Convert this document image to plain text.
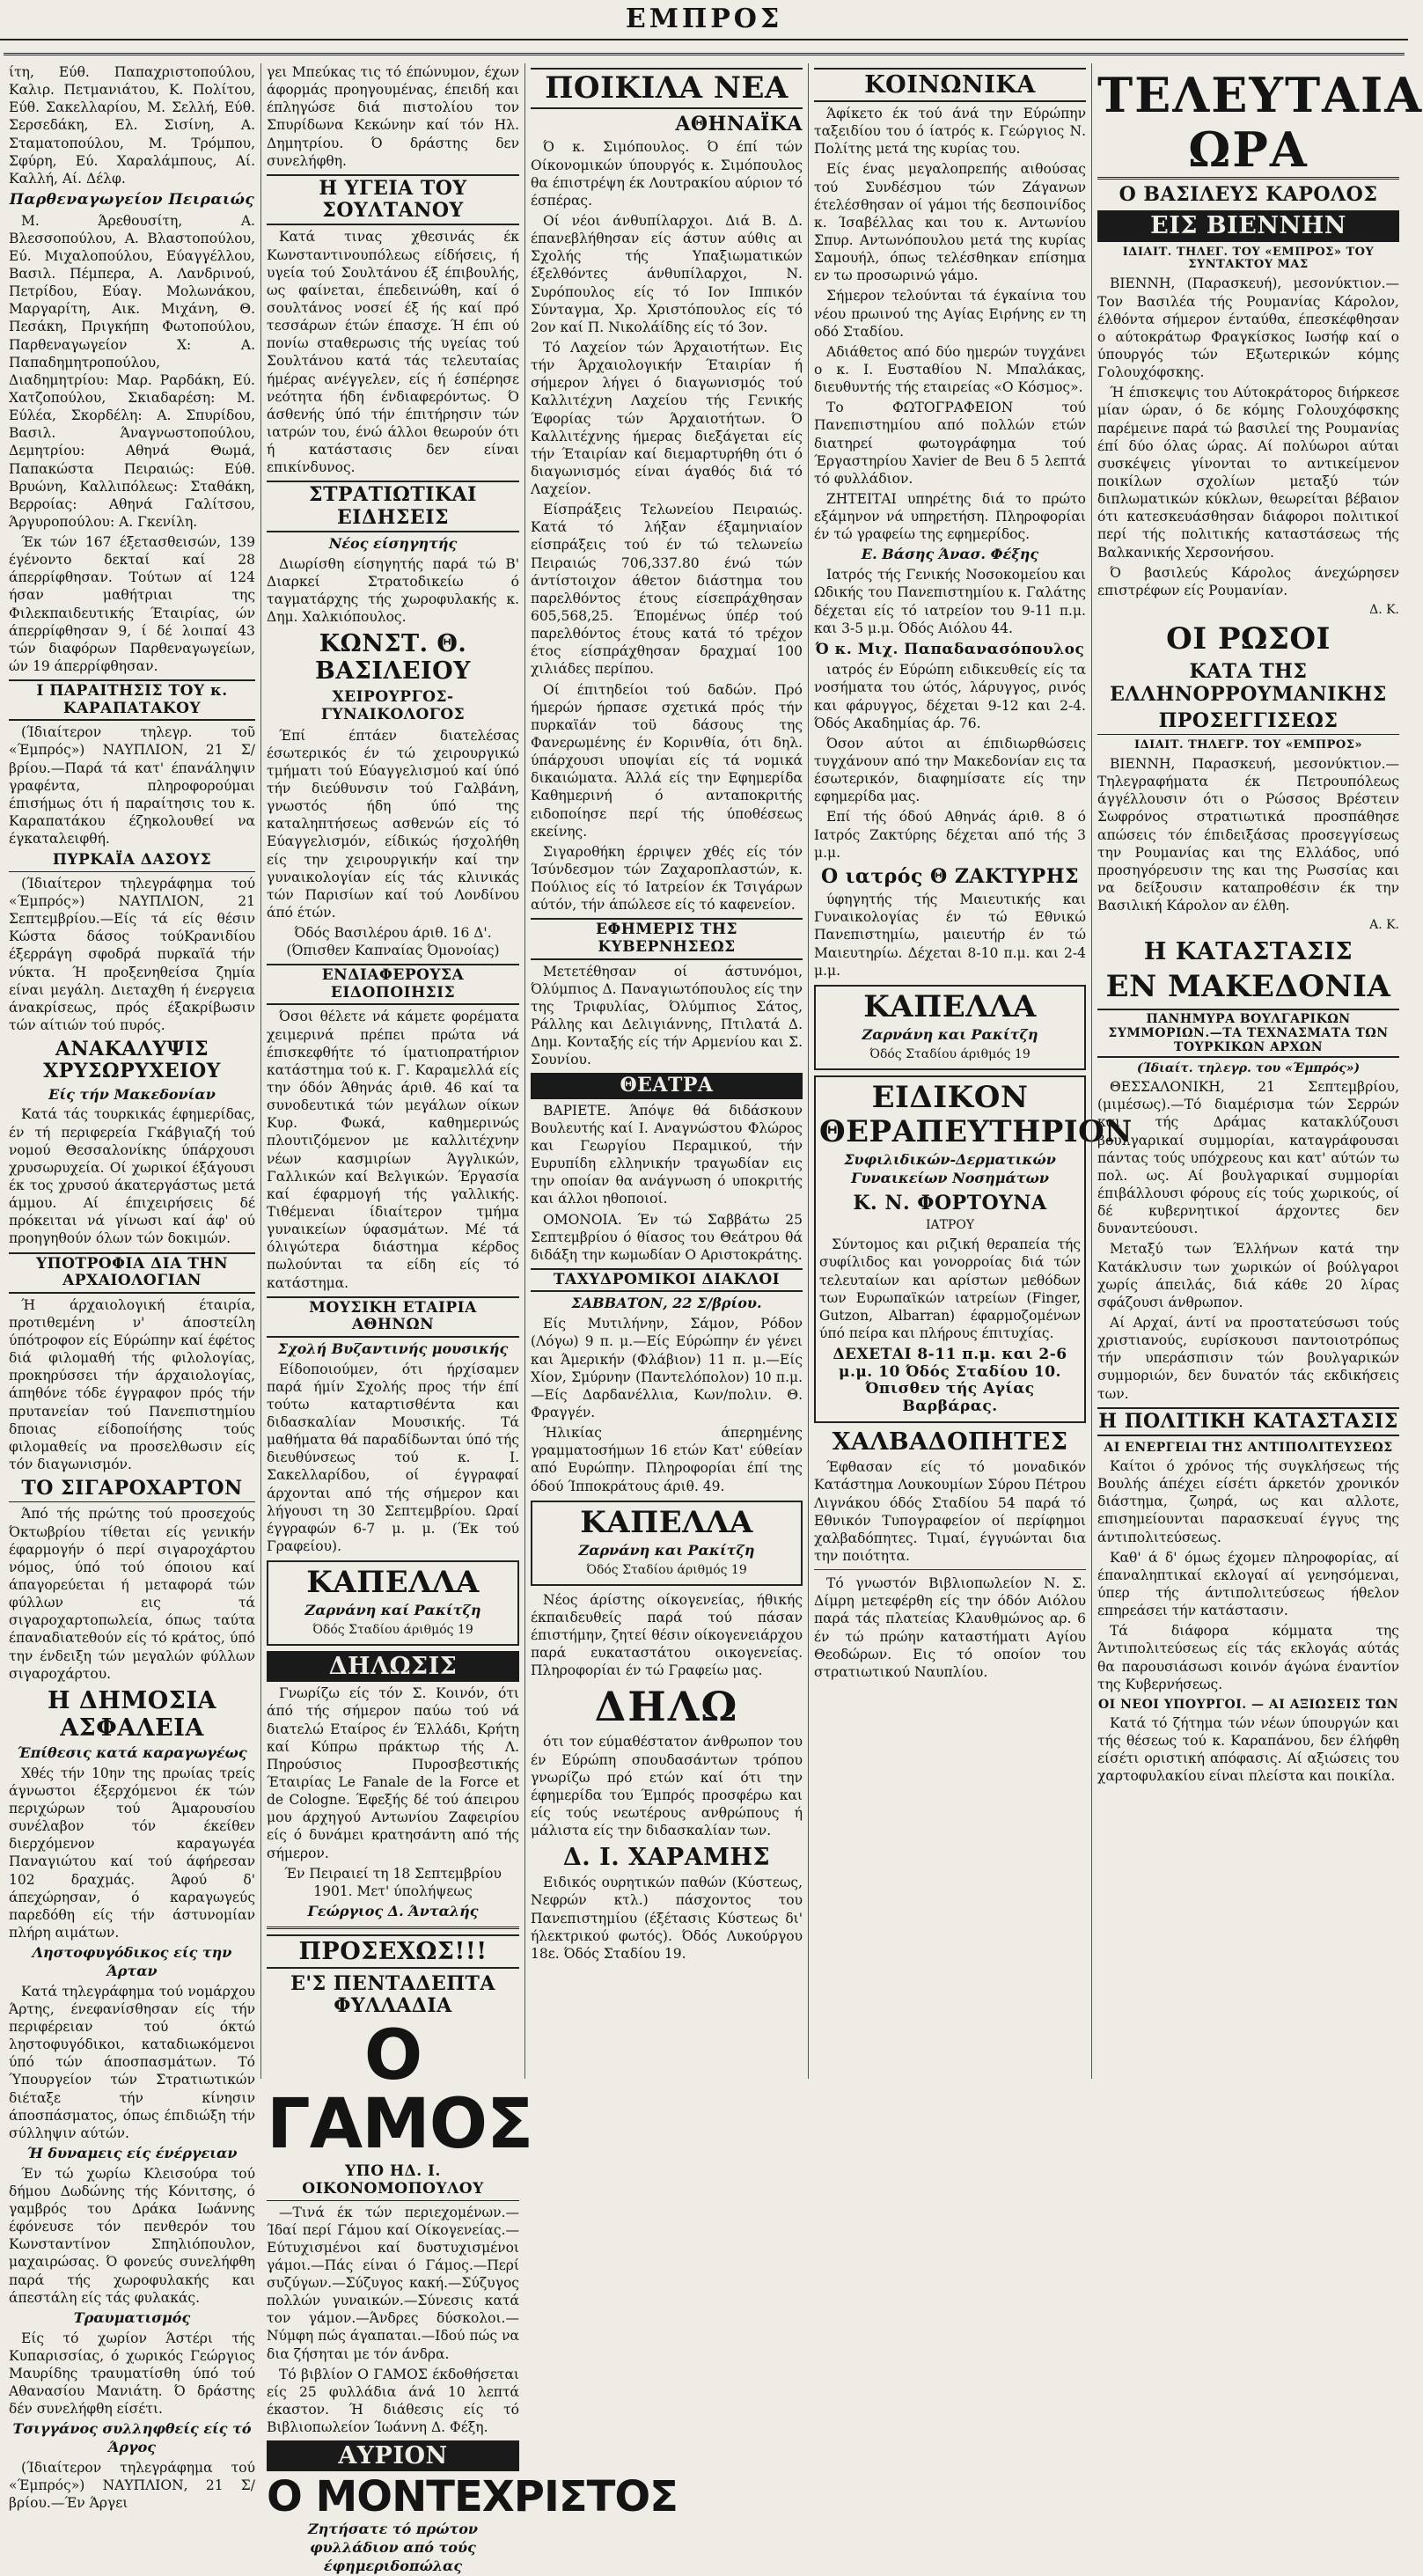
ΕΜΠΡΟΣ

ίτη, Εύθ. Παπαχριστοπούλου, Καλιρ. Πετμανιάτου, Κ. Πολίτου, Εύθ. Σακελλαρίου, Μ. Σελλή, Εύθ. Σερσεδάκη, Ελ. Σισίνη, Α. Σταματοπούλου, Μ. Τρόμπου, Σφύρη, Εύ. Χαραλάμπους, Αί. Καλλή, Αί. Δέλφ.

Παρθεναγωγείον Πειραιώς

Μ. Άρεθουσίτη, Α. Βλεσσοπούλου, Α. Βλαστοπούλου, Εύ. Μιχαλοπούλου, Εύαγγέλλου, Βασιλ. Πέμπερα, Α. Λανδρινού, Πετρίδου, Εύαγ. Μολωνάκου, Μαργαρίτη, Αικ. Μιχάνη, Θ. Πεσάκη, Πριγκήπη Φωτοπούλου, Παρθεναγωγείον Χ: Α. Παπαδημητροπούλου, Διαδημητρίου: Μαρ. Ραρδάκη, Εύ. Χατζοπούλου, Σκιαδαρέση: Μ. Εύλέα, Σκορδέλη: Α. Σπυρίδου, Βασιλ. Άναγνωστοπούλου, Δεμητρίου: Αθηνά Θωμά, Παπακώστα Πειραιώς: Εύθ. Βρυώνη, Καλλιπόλεως: Σταθάκη, Βερροίας: Αθηνά Γαλίτσου, Άργυροπούλου: Α. Γκενίλη.

Έκ τών 167 έξετασθεισών, 139 έγένοντο δεκταί καί 28 άπερρίφθησαν. Τούτων αί 124 ήσαν μαθήτριαι της Φιλεκπαιδευτικής Έταιρίας, ών άπερρίφθησαν 9, ί δέ λοιπαί 43 τών διαφόρων Παρθεναγωγείων, ών 19 άπερρίφθησαν.

Ι ΠΑΡΑΙΤΗΣΙΣ ΤΟΥ κ. ΚΑΡΑΠΑΤΑΚΟΥ

(Ίδιαίτερον τηλεγρ. τοῦ «Έμπρός») ΝΑΥΠΛΙΟΝ, 21 Σ/βρίου.—Παρά τά κατ' έπανάληψιν γραφέντα, πληροφορούμαι έπισήμως ότι ή παραίτησις του κ. Καραπατάκου έζηκολουθεί να έγκαταλειφθή.

ΠΥΡΚΑΪΑ ΔΑΣΟΥΣ

(Ίδιαίτερον τηλεγράφημα τού «Έμπρός») ΝΑΥΠΛΙΟΝ, 21 Σεπτεμβρίου.—Είς τά είς θέσιν Κώστα δάσος τούΚρανιδίου έξερράγη σφοδρά πυρκαϊά τήν νύκτα. Ή προξενηθείσα ζημία είναι μεγάλη. Διεταχθη ή ένεργεια άνακρίσεως, πρός έξακρίβωσιν τών αίτιών τού πυρός.

ΑΝΑΚΑΛΥΨΙΣ ΧΡΥΣΩΡΥΧΕΙΟΥ
Είς τήν Μακεδονίαν

Κατά τάς τουρκικάς έφημερίδας, έν τή περιφερεία Γκάβγιαζή τού νομού Θεσσαλονίκης ύπάρχουσι χρυσωρυχεία. Οί χωρικοί έξάγουσι έκ τος χρυσού άκατεργάστως μετά άμμου. Αί έπιχειρήσεις δέ πρόκειται νά γίνωσι καί άφ' ού προηγηθούν όλων τών δοκιμών.

ΥΠΟΤΡΟΦΙΑ ΔΙΑ ΤΗΝ ΑΡΧΑΙΟΛΟΓΙΑΝ

Ή άρχαιολογική έταιρία, προτιθεμένη ν' άποστείλη ύπότροφον είς Εύρώπην καί έφέτος διά φιλομαθή τής φιλολογίας, προκηρύσσει τήν άρχαιολογίας, άπηθόνε τόδε έγγραφον πρός τήν πρυτανείαν τού Πανεπιστημίου δποιας είδοποίήσης τούς φιλομαθείς να προσελθωσιν είς τόν διαγωνισμόν.

ΤΟ ΣΙΓΑΡΟΧΑΡΤΟΝ

Άπό τής πρώτης τού προσεχούς Όκτωβρίου τίθεται είς γενικήν έφαρμογήν ό περί σιγαροχάρτου νόμος, ύπό τού όποιου καί άπαγορεύεται ή μεταφορά τών φύλλων εις τά σιγαροχαρτοπωλεία, όπως ταύτα έπαναδιατεθούν είς τό κράτος, ύπό την ένδειξη τών μεγαλών φύλλων σιγαροχάρτου.

Η ΔΗΜΟΣΙΑ ΑΣΦΑΛΕΙΑ
Έπίθεσις κατά καραγωγέως

Χθές τήν 10ην της πρωίας τρείς άγνωστοι έξερχόμενοι έκ τών περιχώρων τού Άμαρουσίου συνέλαβον τόν έκείθεν διερχόμενον καραγωγέα Παναγιώτου καί τού άφήρεσαν 102 δραχμάς. Άφού δ' άπεχώρησαν, ό καραγωγεύς παρεδόθη είς τήν άστυνομίαν πλήρη αιμάτων.

Ληστοφυγόδικος είς την Άρταν

Κατά τηλεγράφημα τού νομάρχου Άρτης, ένεφανίσθησαν είς τήν περιφέρειαν τού όκτώ ληστοφυγόδικοι, καταδιωκόμενοι ύπό τών άποσπασμάτων. Τό Ύπουργείον τών Στρατιωτικών διέταξε τήν κίνησιν άποσπάσματος, όπως έπιδιώξη τήν σύλληψιν αύτών.

Ή δυναμεις είς ένέργειαν

Έν τώ χωρίω Κλεισούρα τού δήμου Δωδώνης τής Κόνιτσης, ό γαμβρός του Δράκα Ιωάννης έφόνευσε τόν πενθερόν του Κωνσταντίνον Σπηλιόπουλον, μαχαιρώσας. Ό φονεύς συνελήφθη παρά τής χωροφυλακής και άπεστάλη είς τάς φυλακάς.

Τραυματισμός

Είς τό χωρίον Άστέρι τής Κυπαρισσίας, ό χωρικός Γεώργιος Μαυρίδης τραυματίσθη ύπό τού Αθανασίου Μανιάτη. Ό δράστης δέν συνελήφθη είσέτι.

Τσιγγάνος συλληφθείς είς τό Άργος

(Ίδιαίτερον τηλεγράφημα τού «Έμπρός») ΝΑΥΠΛΙΟΝ, 21 Σ/βρίου.—Έν Άργει

γει Μπεύκας τις τό έπώνυμον, έχων άφορμάς προηγουμένας, έπειδή και έπληγώσε διά πιστολίου τον Σπυρίδωνα Κεκώνην καί τόν Ηλ. Δημητρίου. Ό δράστης δεν συνελήφθη.

Η ΥΓΕΙΑ ΤΟΥ ΣΟΥΛΤΑΝΟΥ

Κατά τινας χθεσινάς έκ Κωνσταντινουπόλεως είδήσεις, ή υγεία τού Σουλτάνου έξ έπιβουλής, ως φαίνεται, έπεδεινώθη, καί ό σουλτάνος νοσεί έξ ής καί πρό τεσσάρων έτών έπασχε. Ή έπι ού πονίω σταθερωσις τής υγείας τού Σουλτάνου κατά τάς τελευταίας ήμέρας ανέγγελεν, είς ή έσπέρησε νεότητα ήδη ένδιαφερόντως. Ό άσθενής ύπό τήν έπιτήρησιν τών ιατρών του, ένώ άλλοι θεωρούν ότι ή κατάστασις δεν είναι επικίνδυνος.

ΣΤΡΑΤΙΩΤΙΚΑΙ ΕΙΔΗΣΕΙΣ
Νέος είσηγητής

Διωρίσθη είσηγητής παρά τώ Β' Διαρκεί Στρατοδικείω ό ταγματάρχης τής χωροφυλακής κ. Δημ. Χαλκιόπουλος.

ΚΩΝΣΤ. Θ. ΒΑΣΙΛΕΙΟΥ
ΧΕΙΡΟΥΡΓΟΣ-ΓΥΝΑΙΚΟΛΟΓΟΣ

Έπί έπτάεν διατελέσας έσωτερικός έν τώ χειρουργικώ τμήματι τού Εύαγγελισμού καί ύπό τήν διεύθυνσιν τού Γαλβάνη, γνωστός ήδη ύπό της καταληπτήσεως ασθενών είς τό Εύαγγελισμόν, είδικώς ήσχολήθη είς την χειρουργικήν καί την γυναικολογίαν είς τάς κλινικάς τών Παρισίων καί τού Λονδίνου άπό έτών.

Όδός Βασιλέρου άριθ. 16 Δ'. (Όπισθεν Καπναίας Όμονοίας)

ΕΝΔΙΑΦΕΡΟΥΣΑ ΕΙΔΟΠΟΙΗΣΙΣ

Όσοι θέλετε νά κάμετε φορέματα χειμερινά πρέπει πρώτα νά έπισκεφθήτε τό ίματιοπρατήριον κατάστημα τού κ. Γ. Καραμελλά είς την όδόν Άθηνάς άριθ. 46 καί τα συνοδευτικά τών μεγάλων οίκων Κυρ. Φωκά, καθημερινώς πλουτιζόμενον με καλλιτέχνην νέων κασμιρίων Άγγλικών, Γαλλικών καί Βελγικών. Έργασία καί έφαρμογή τής γαλλικής. Τιθέμεναι ίδιαίτερον τμήμα γυναικείων ύφασμάτων. Μέ τά όλιγώτερα διάστημα κέρδος πωλούνται τα είδη είς τό κατάστημα.

ΜΟΥΣΙΚΗ ΕΤΑΙΡΙΑ ΑΘΗΝΩΝ
Σχολή Βυζαντινής μουσικής

Είδοποιούμεν, ότι ήρχίσαμεν παρά ήμίν Σχολής προς τήν έπί τούτω καταρτισθέντα και διδασκαλίαν Μουσικής. Τά μαθήματα θά παραδίδωνται ύπό τής διευθύνσεως τού κ. Ι. Σακελλαρίδου, οί έγγραφαί άρχονται από τής σήμερον και λήγουσι τη 30 Σεπτεμβρίου. Ωραί έγγραφών 6-7 μ. μ. (Έκ τού Γραφείου).

ΚΑΠΕΛΛΑ
Ζαρνάνη καί Ρακίτζη
Όδός Σταδίου άριθμός 19
ΔΗΛΩΣΙΣ

Γνωρίζω είς τόν Σ. Κοινόν, ότι άπό τής σήμερον παύω τού νά διατελώ Εταίρος έν Έλλάδι, Κρήτη καί Κύπρω πράκτωρ τής Λ. Πηρούσιος Πυροσβεστικής Έταιρίας Le Fanale de la Force et de Cologne. Έφεξής δέ τού άπειρου μου άρχηγού Αντωνίου Ζαφειρίου είς ό δυνάμει κρατησάντη από τής σήμερον.

Έν Πειραιεί τη 18 Σεπτεμβρίου 1901. Μετ' ύπολήψεως

Γεώργιος Δ. Άνταλής
ΠΡΟΣΕΧΩΣ!!!
Ε'Σ ΠΕΝΤΑΔΕΠΤΑ ΦΥΛΛΑΔΙΑ
Ο ΓΑΜΟΣ
ΥΠΟ ΗΔ. Ι. ΟΙΚΟΝΟΜΟΠΟΥΛΟΥ

—Τινά έκ τών περιεχομένων.—Ίδαί περί Γάμου καί Οίκογενείας.—Εύτυχισμένοι καί δυστυχισμένοι γάμοι.—Πάς είναι ό Γάμος.—Περί συζύγων.—Σύζυγος κακή.—Σύζυγος πολλών γυναικών.—Σύνεσις κατά τον γάμον.—Άνδρες δύσκολοι.—Νύμφη πώς άγαπαται.—Ιδού πώς να δια ζήσηται με τόν άνδρα.

Τό βιβλίον Ο ΓΑΜΟΣ έκδοθήσεται είς 25 φυλλάδια άνά 10 λεπτά έκαστον. Ή διάθεσις είς τό Βιβλιοπωλείον Ίωάννη Δ. Φέξη.

ΑΥΡΙΟΝ
Ο ΜΟΝΤΕΧΡΙΣΤΟΣ
Ζητήσατε τό πρώτον φυλλάδιον από τούς έφημεριδοπώλας
ΠΟΙΚΙΛΑ ΝΕΑ
ΑΘΗΝΑΪΚΑ

Ό κ. Σιμόπουλος. Ό έπί τών Οίκονομικών ύπουργός κ. Σιμόπουλος θα έπιστρέψη έκ Λουτρακίου αύριον τό έσπέρας.

Οί νέοι άνθυπίλαρχοι. Διά Β. Δ. έπανεβλήθησαν είς άστυν αύθις αι Σχολής τής Υπαξιωματικών έξελθόντες άνθυπίλαρχοι, Ν. Συρόπουλος είς τό Ιον Ιππικόν Σύνταγμα, Χρ. Χριστόπουλος είς τό 2ον καί Π. Νικολάίδης είς τό 3ον.

Τό Λαχείον τών Άρχαιοτήτων. Εις τήν Άρχαιολογικήν Έταιρίαν ή σήμερον λήγει ό διαγωνισμός τού Καλλιτέχνη Λαχείου τής Γενικής Έφορίας τών Άρχαιοτήτων. Ό Καλλιτέχνης ήμερας διεξάγεται είς τήν Έταιρίαν καί διεμαρτυρήθη ότι ό διαγωνισμός είναι άγαθός διά τό Λαχείον.

Είσπράξεις Τελωνείου Πειραιώς. Κατά τό λήξαν έξαμηνιαίον είσπράξεις τού έν τώ τελωνείω Πειραιώς 706,337.80 ένώ τών άντίστοιχον άθετον διάστημα του παρελθόντος έτους είσεπράχθησαν 605,568,25. Έπομένως ύπέρ τού παρελθόντος έτους κατά τό τρέχον έτος είσπράχθησαν δραχμαί 100 χιλιάδες περίπου.

Οί έπιτηδείοι τού δαδών. Πρό ήμερών ήρπασε σχετικά πρός τήν πυρκαϊάν τοϋ δάσους της Φανερωμένης έν Κορινθία, ότι δηλ. ύπάρχουσι υποψίαι είς τά νομικά δικαιώματα. Άλλά είς την Εφημερίδα Καθημερινή ό ανταποκριτής ειδοποίησε περί τής ύποθέσεως εκείνης.

Σιγαροθήκη έρριψεν χθές είς τόν Ίσύνδεσμον τών Ζαχαροπλαστών, κ. Πούλιος είς τό Ιατρείον έκ Τσιγάρων αύτόν, τήν άπώλεσε είς τό καφενείον.

ΕΦΗΜΕΡΙΣ ΤΗΣ ΚΥΒΕΡΝΗΣΕΩΣ

Μετετέθησαν οί άστυνόμοι, Όλύμπιος Δ. Παναγιωτόπουλος είς την της Τριφυλίας, Όλύμπιος Σάτος, Ράλλης και Δελιγιάννης, Πτιλατά Δ. Δημ. Κονταξής είς τήν Αρμενίου και Σ. Σουνίου.

ΘΕΑΤΡΑ

ΒΑΡΙΕΤΕ. Άπόψε θά διδάσκουν Βουλευτής καί Ι. Αναγνώστου Φλώρος και Γεωργίου Περαμικού, τήν Ευρυπίδη ελληνικήν τραγωδίαν εις την οποίαν θα ανάγνωση ό υποκριτής και άλλοι ηθοποιοί.

ΟΜΟΝΟΙΑ. Έν τώ Σαββάτω 25 Σεπτεμβρίου ό θίασος του Θεάτρου θά διδάξη την κωμωδίαν Ο Αριστοκράτης.

ΤΑΧΥΔΡΟΜΙΚΟΙ ΔΙΑΚΛΟΙ
ΣΑΒΒΑΤΟΝ, 22 Σ/βρίου.

Είς Μυτιλήνην, Σάμον, Ρόδον (Λόγω) 9 π. μ.—Είς Εύρώπην έν γένει και Άμερικήν (Φλάβιον) 11 π. μ.—Είς Χίον, Σμύρνην (Παντελόπολον) 10 π.μ.—Είς Δαρδανέλλια, Κων/πολιν. Θ. Φραγγέν.

Ήλικίας άπερημένης γραμματοσήμων 16 ετών Κατ' εύθείαν από Ευρώπην. Πληροφορίαι έπί της όδού Ίπποκράτους άριθ. 49.

ΚΑΠΕΛΛΑ
Ζαρνάνη και Ρακίτζη
Όδός Σταδίου άριθμός 19

Νέος άρίστης οίκογενείας, ήθικής έκπαιδευθείς παρά τού πάσαν έπιστήμην, ζητεί θέσιν οίκογενειάρχου παρά ευκαταστάτου οικογενείας. Πληροφορίαι έν τώ Γραφείω μας.

ΔΗΛΩ

ότι τον εύμαθέστατον άνθρωπον του έν Εύρώπη σπουδασάντων τρόπου γνωρίζω πρό ετών καί ότι την έφημερίδα του Έμπρός προσφέρω και είς τούς νεωτέρους ανθρώπους ή μάλιστα είς την διδασκαλίαν των.

Δ. Ι. ΧΑΡΑΜΗΣ

Ειδικός ουρητικών παθών (Κύστεως, Νεφρών κτλ.) πάσχοντος του Πανεπιστημίου (έξέτασις Κύστεως δι' ήλεκτρικού φωτός). Όδός Λυκούργου 18ε. Όδός Σταδίου 19.

ΚΟΙΝΩΝΙΚΑ

Άφίκετο έκ τού άνά την Εύρώπην ταξειδίου του ό ίατρός κ. Γεώργιος Ν. Πολίτης μετά της κυρίας του.

Είς ένας μεγαλοπρεπής αιθούσας τού Συνδέσμου τών Ζάγανων έτελέσθησαν οί γάμοι τής δεσποινίδος κ. Ίσαβέλλας και του κ. Αντωνίου Σπυρ. Αντωνόπουλου μετά της κυρίας Σαμουήλ, όπως τελέσθηκαν επίσημα εν τω προσωρινώ γάμο.

Σήμερον τελούνται τά έγκαίνια του νέου πρωινού της Αγίας Ειρήνης εν τη οδό Σταδίου.

Αδιάθετος από δύο ημερών τυγχάνει ο κ. Ι. Ευσταθίου Ν. Μπαλάκας, διευθυντής τής εταιρείας «Ο Κόσμος».

Το ΦΩΤΟΓΡΑΦΕΙΟΝ τού Πανεπιστημίου από πολλών ετών διατηρεί φωτογράφημα τού Έργαστηρίου Xavier de Beu δ 5 λεπτά τό φυλλάδιον.

ΖΗΤΕΙΤΑΙ υπηρέτης διά το πρώτο εξάμηνον νά υπηρετήση. Πληροφορίαι έν τώ γραφείω της εφημερίδος.

Ε. Βάσης Άνασ. Φέξης

Ιατρός τής Γενικής Νοσοκομείου και Ωδικής του Πανεπιστημίου κ. Γαλάτης δέχεται είς τό ιατρείον του 9-11 π.μ. και 3-5 μ.μ. Όδός Αιόλου 44.

Ό κ. Μιχ. Παπαδανασόπουλος

ιατρός έν Εύρώπη ειδικευθείς είς τα νοσήματα του ώτός, λάρυγγος, ρινός και φάρυγγος, δέχεται 9-12 και 2-4. Όδός Ακαδημίας άρ. 76.

Όσον αύτοι αι έπιδιωρθώσεις τυγχάνουν από την Μακεδονίαν εις τα έσωτερικόν, διαφημίσατε είς την εφημερίδα μας.

Επί τής όδού Αθηνάς άριθ. 8 ό Ιατρός Ζακτύρης δέχεται από τής 3 μ.μ.

Ο ιατρός Θ ΖΑΚΤΥΡΗΣ

ύφηγητής τής Μαιευτικής και Γυναικολογίας έν τώ Εθνικώ Πανεπιστημίω, μαιευτήρ έν τώ Μαιευτηρίω. Δέχεται 8-10 π.μ. και 2-4 μ.μ.

ΚΑΠΕΛΛΑ
Ζαρνάνη και Ρακίτζη
Όδός Σταδίου άριθμός 19
ΕΙΔΙΚΟΝ ΘΕΡΑΠΕΥΤΗΡΙΟΝ
Συφιλιδικών-Δερματικών Γυναικείων Νοσημάτων
Κ. Ν. ΦΟΡΤΟΥΝΑ
ΙΑΤΡΟΥ

Σύντομος και ριζική θεραπεία τής συφίλιδος και γονορροίας διά τών τελευταίων και αρίστων μεθόδων των Ευρωπαϊκών ιατρείων (Finger, Gutzon, Albarran) έφαρμοζομένων ύπό πείρα και πλήρους έπιτυχίας.

ΔΕΧΕΤΑΙ 8-11 π.μ. και 2-6 μ.μ. 10 Όδός Σταδίου 10. Όπισθεν τής Αγίας Βαρβάρας.
ΧΑΛΒΑΔΟΠΗΤΕΣ

Έφθασαν είς τό μοναδικόν Κατάστημα Λουκουμίων Σύρου Πέτρου Λιγνάκου όδός Σταδίου 54 παρά τό Εθνικόν Τυπογραφείον οί περίφημοι χαλβαδόπητες. Τιμαί, έγγυώνται δια την ποιότητα.

Τό γνωστόν Βιβλιοπωλείον Ν. Σ. Δίμρη μετεφέρθη είς την όδόν Αιόλου παρά τάς πλατείας Κλαυθμώνος αρ. 6 έν τώ πρώην καταστήματι Αγίου Θεοδώρων. Εις τό οποίον του στρατιωτικού Ναυπλίου.

ΤΕΛΕΥΤΑΙΑ ΩΡΑ
Ο ΒΑΣΙΛΕΥΣ ΚΑΡΟΛΟΣ
ΕΙΣ ΒΙΕΝΝΗΝ
ΙΔΙΑΙΤ. ΤΗΛΕΓ. ΤΟΥ «ΕΜΠΡΟΣ» ΤΟΥ ΣΥΝΤΑΚΤΟΥ ΜΑΣ

ΒΙΕΝΝΗ, (Παρασκευή), μεσονύκτιον.—Τον Βασιλέα τής Ρουμανίας Κάρολον, έλθόντα σήμερον ένταύθα, έπεσκέφθησαν ο αύτοκράτωρ Φραγκίσκος Ιωσήφ καί ο ύπουργός τών Εξωτερικών κόμης Γολουχόφσκης.

Ή έπισκεψις του Αύτοκράτορος διήρκεσε μίαν ώραν, ό δε κόμης Γολουχόφσκης παρέμεινε παρά τώ βασιλεί της Ρουμανίας έπί δύο όλας ώρας. Αί πολύωροι αύται συσκέψεις γίνονται το αντικείμενον ποικίλων σχολίων μεταξύ τών διπλωματικών κύκλων, θεωρείται βέβαιον ότι κατεσκευάσθησαν διάφοροι πολιτικοί περί τής πολιτικής καταστάσεως τής Βαλκανικής Χερσονήσου.

Ό βασιλεύς Κάρολος άνεχώρησεν επιστρέφων είς Ρουμανίαν.

Δ. Κ.
ΟΙ ΡΩΣΟΙ
ΚΑΤΑ ΤΗΣ ΕΛΛΗΝΟΡΡΟΥΜΑΝΙΚΗΣ
ΠΡΟΣΕΓΓΙΣΕΩΣ
ΙΔΙΑΙΤ. ΤΗΛΕΓΡ. ΤΟΥ «ΕΜΠΡΟΣ»

ΒΙΕΝΝΗ, Παρασκευή, μεσονύκτιον.—Τηλεγραφήματα έκ Πετρουπόλεως άγγέλλουσιν ότι ο Ρώσσος Βρέστειν Σωφρόνος στρατιωτικά προσπάθησε απώσεις τόν έπιδειξάσας προσεγγίσεως την Ρουμανίας και της Ελλάδος, υπό προσηγόρευσιν της και της Ρωσσίας και να δείξουσιν καταπροθέσιν έκ την Βασιλική Κάρολον αν έλθη.

Α. Κ.
Η ΚΑΤΑΣΤΑΣΙΣ
ΕΝ ΜΑΚΕΔΟΝΙΑ
ΠΑΝΗΜΥΡΑ ΒΟΥΛΓΑΡΙΚΩΝ ΣΥΜΜΟΡΙΩΝ.—ΤΑ ΤΕΧΝΑΣΜΑΤΑ ΤΩΝ ΤΟΥΡΚΙΚΩΝ ΑΡΧΩΝ
(Ίδιαίτ. τηλεγρ. του «Έμπρός»)

ΘΕΣΣΑΛΟΝΙΚΗ, 21 Σεπτεμβρίου, (μιμέσως).—Τό διαμέρισμα τών Σερρών και τής Δράμας κατακλύζουσι βουλγαρικαί συμμορίαι, καταγράφουσαι πάντας τούς υπόχρεους και κατ' αύτών τω πολ. ως. Αί βουλγαρικαί συμμορίαι έπιβάλλουσι φόρους είς τούς χωρικούς, οί δέ κυβερνητικοί άρχοντες δεν δυναντεύουσι.

Μεταξύ των Έλλήνων κατά την Κατάκλυσιν των χωρικών οί βούλγαροι χωρίς άπειλάς, διά κάθε 20 λίρας σφάζουσι άνθρωπον.

Αί Αρχαί, άντί να προστατεύσωσι τούς χριστιανούς, ευρίσκουσι παντοιοτρόπως τήν υπεράσπισιν τών βουλγαρικών συμμοριών, δεν δυνατόν τάς εκδικήσεις των.

Η ΠΟΛΙΤΙΚΗ ΚΑΤΑΣΤΑΣΙΣ
ΑΙ ΕΝΕΡΓΕΙΑΙ ΤΗΣ ΑΝΤΙΠΟΛΙΤΕΥΣΕΩΣ

Καίτοι ό χρόνος τής συγκλήσεως τής Βουλής άπέχει είσέτι άρκετόν χρονικόν διάστημα, ζωηρά, ως και αλλοτε, επισημείουνται παρασκευαί έγγυς της άντιπολιτεύσεως.

Καθ' ά δ' όμως έχομεν πληροφορίας, αί έπαναληπτικαί εκλογαί αί γενησόμεναι, ύπερ τής άντιπολιτεύσεως ήθελον επηρεάσει τήν κατάστασιν.

Τά διάφορα κόμματα της Άντιπολιτεύσεως είς τάς εκλογάς αύτάς θα παρουσιάσωσι κοινόν άγώνα έναντίον της Κυβερνήσεως.

ΟΙ ΝΕΟΙ ΥΠΟΥΡΓΟΙ. — ΑΙ ΑΞΙΩΣΕΙΣ ΤΩΝ

Κατά τό ζήτημα τών νέων ύπουργών και τής θέσεως τού κ. Καραπάνου, δεν έλήφθη είσέτι οριστική απόφασις. Αί αξιώσεις του χαρτοφυλακίου είναι πλείστα και ποικίλα.
